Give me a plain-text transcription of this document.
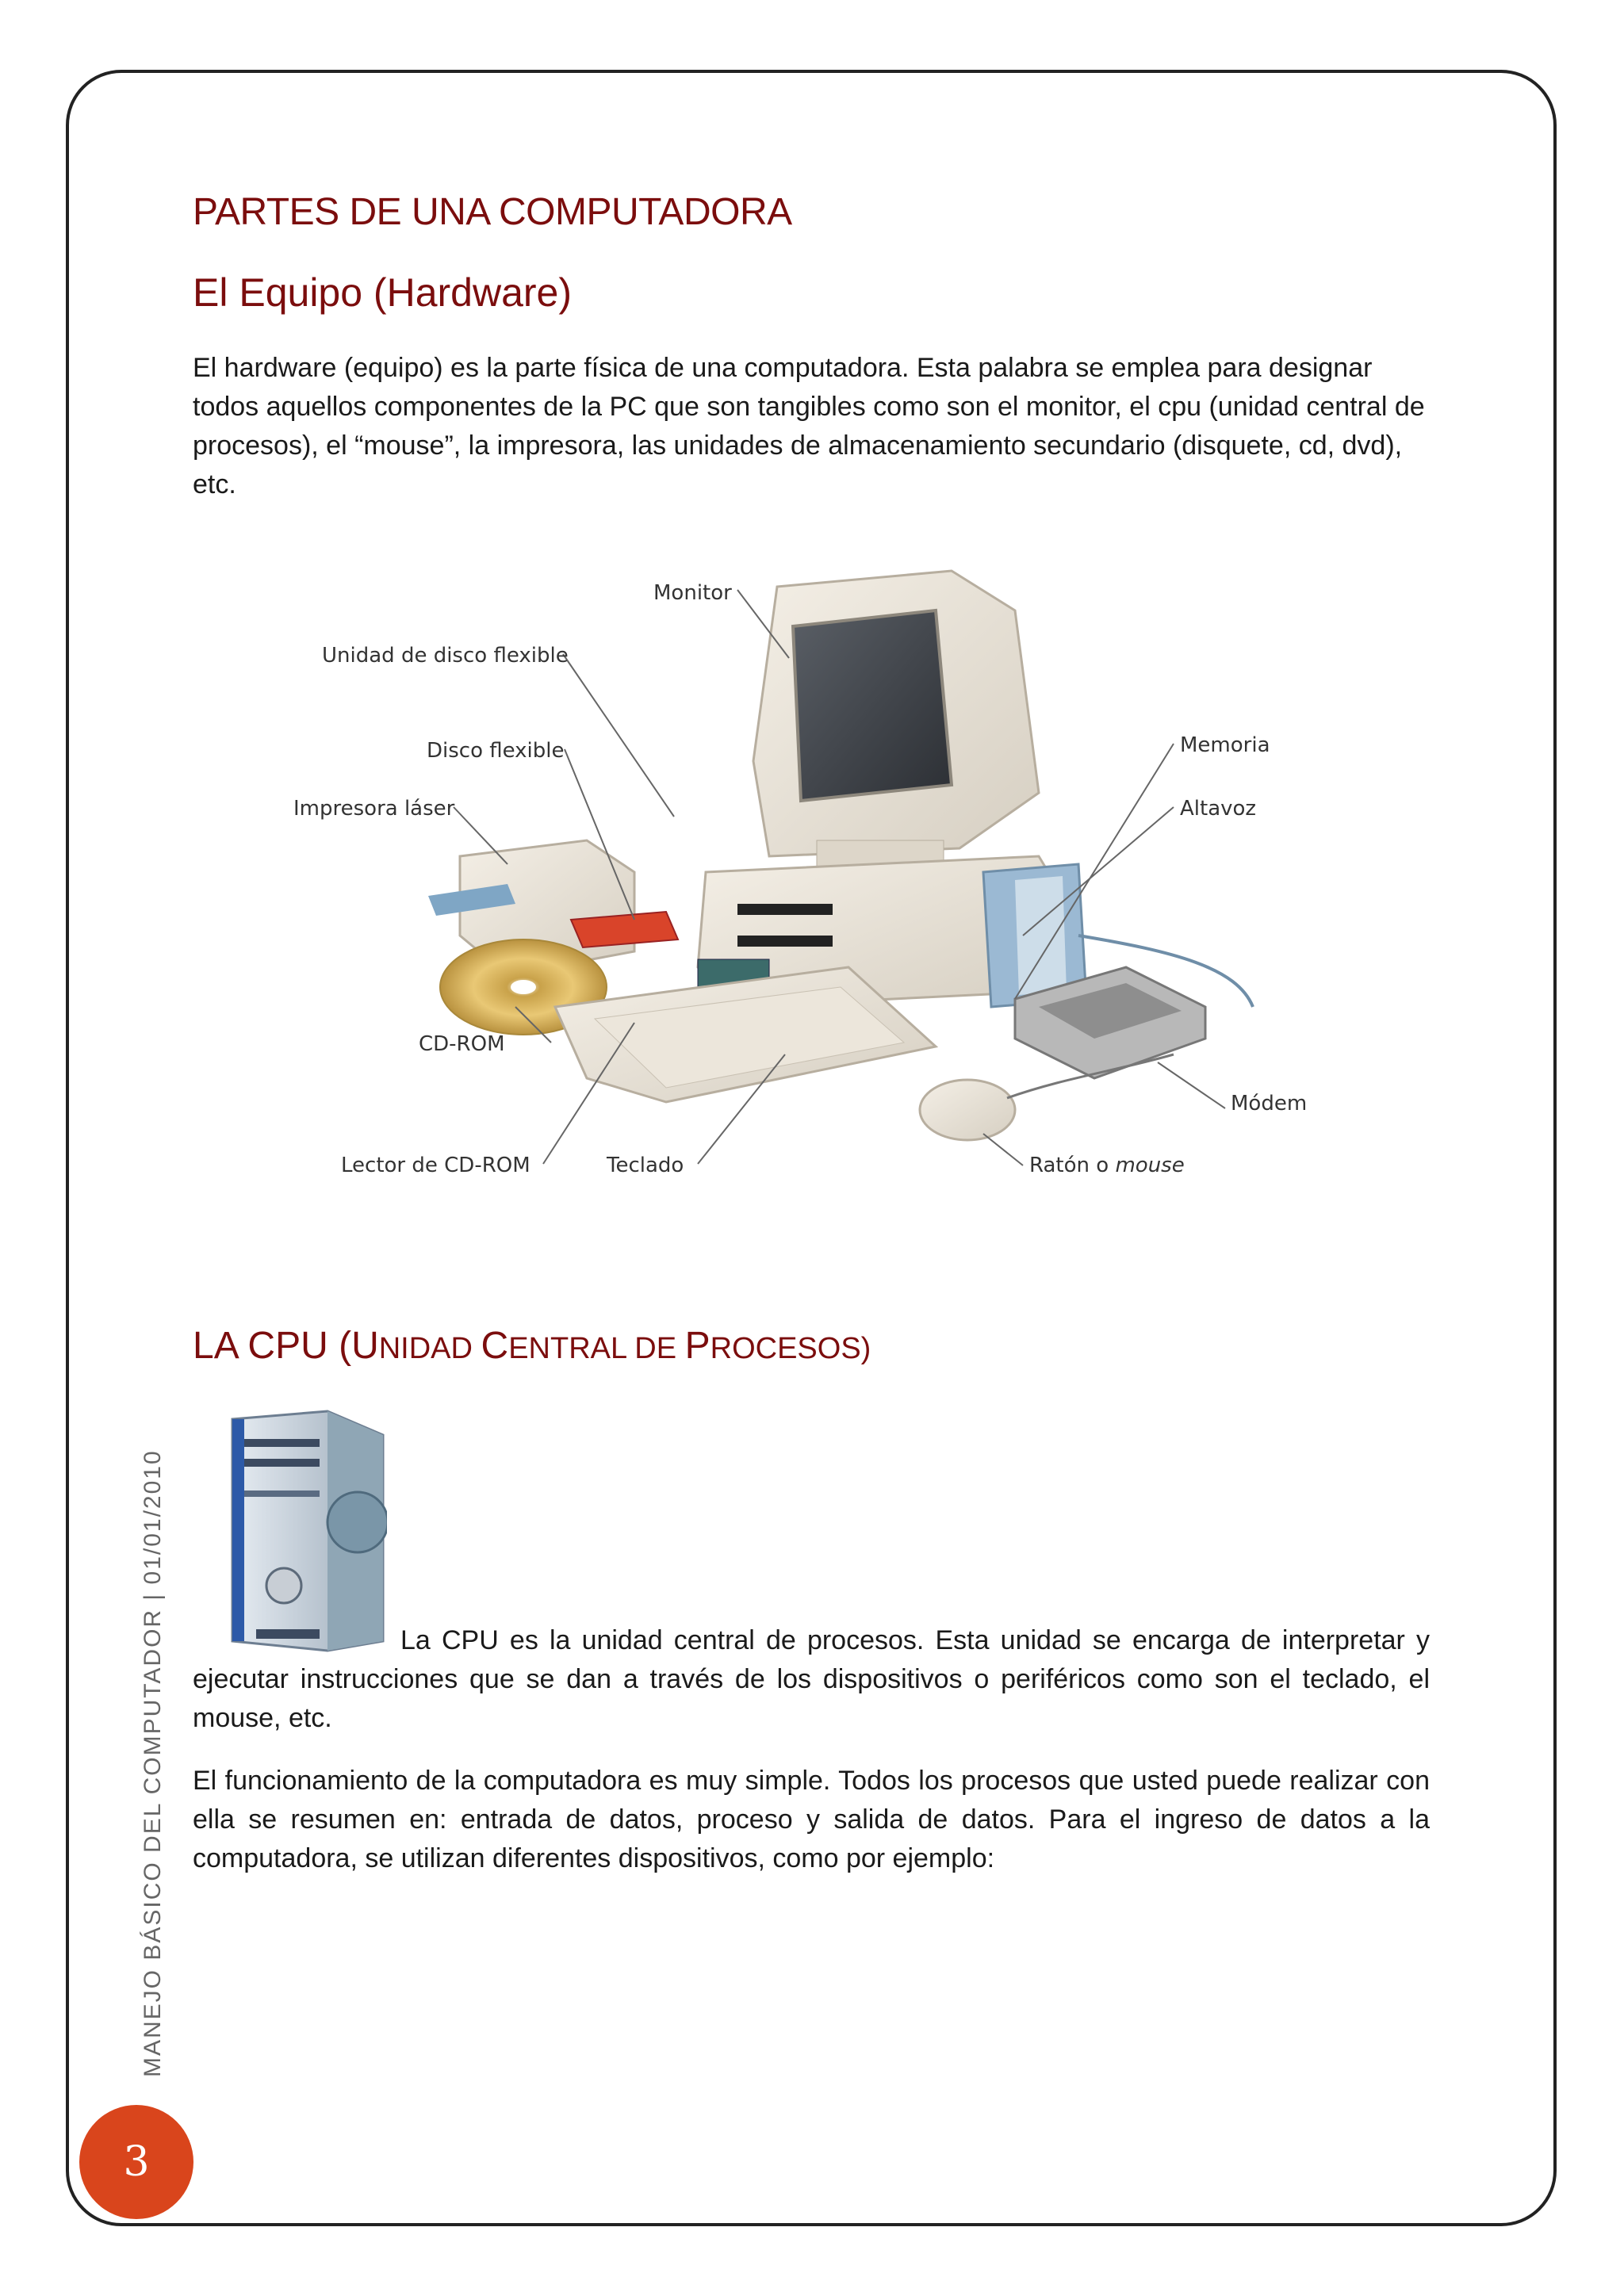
MANEJO BÁSICO DEL COMPUTADOR | 01/01/2010
3
PARTES DE UNA COMPUTADORA
El Equipo (Hardware)

El hardware (equipo) es la parte física de una computadora. Esta palabra se emplea para designar todos aquellos componentes de la PC que son tangibles como son el monitor, el cpu (unidad central de procesos), el “mouse”, la impresora, las unidades de almacenamiento secundario (disquete, cd, dvd), etc.

Monitor
Unidad de disco flexible
Disco flexible
Impresora láser
Memoria
Altavoz
CD-ROM
Lector de CD-ROM	Teclado
Módem
Ratón o mouse
LA CPU (UNIDAD CENTRAL DE PROCESOS)

La CPU es la unidad central de procesos. Esta unidad se encarga de interpretar y ejecutar instrucciones que se dan a través de los dispositivos o periféricos como son el teclado, el mouse, etc.

El funcionamiento de la computadora es muy simple. Todos los procesos que usted puede realizar con ella se resumen en: entrada de datos, proceso y salida de datos. Para el ingreso de datos a la computadora, se utilizan diferentes dispositivos, como por ejemplo:
